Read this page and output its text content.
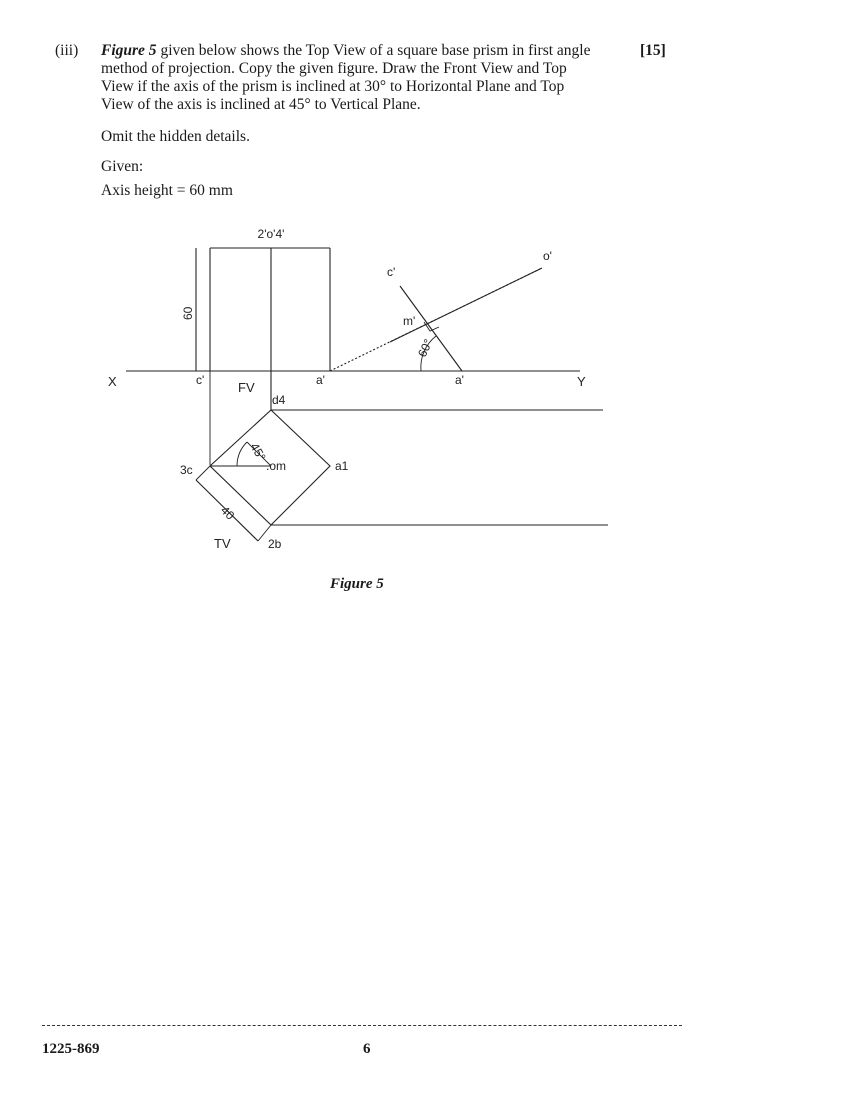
(iii) Figure 5 given below shows the Top View of a square base prism in first angle

method of projection. Copy the given figure. Draw the Front View and Top

View if the axis of the prism is inclined at 30° to Horizontal Plane and Top

View of the axis is inclined at 45° to Vertical Plane.

[15]
Omit the hidden details.
Given:
Axis height = 60 mm
2'o'4'
c'
o'
m'
60°
60
X	Y
c'	FV	a'	a'
d4
45°
.om	a1
3c
40
TV	2b
Figure 5
1225-869	6
